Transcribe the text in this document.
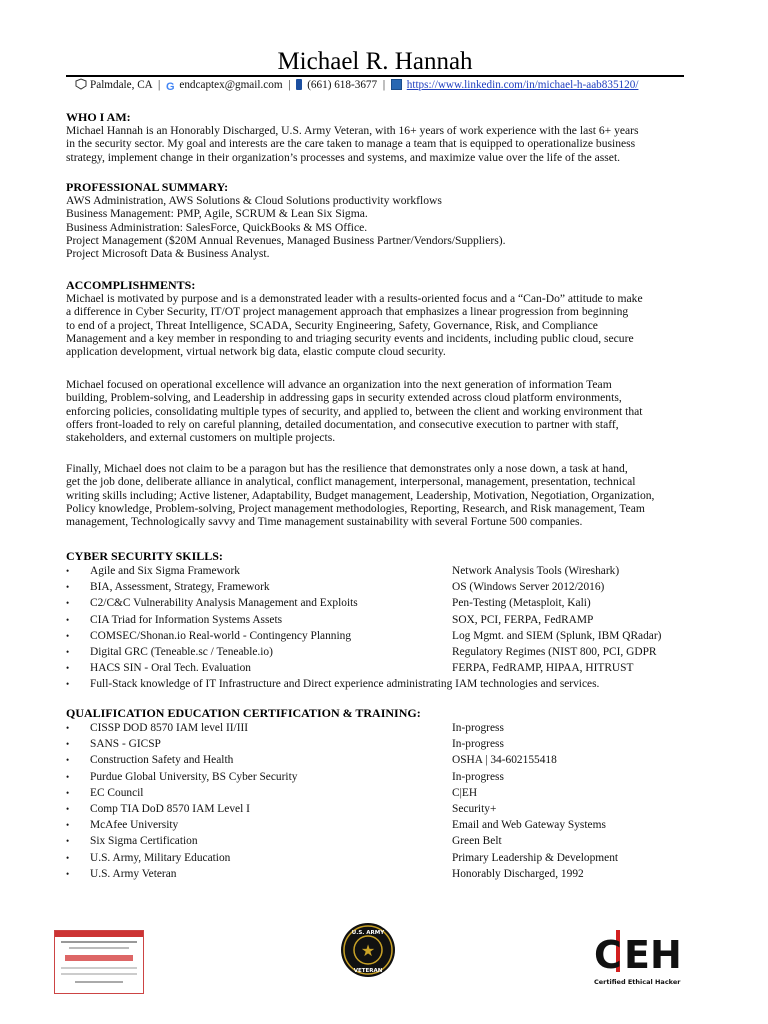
Michael R. Hannah
Palmdale, CA | G endcaptex@gmail.com | (661) 618-3677 | https://www.linkedin.com/in/michael-h-aab835120/
WHO I AM:
Michael Hannah is an Honorably Discharged, U.S. Army Veteran, with 16+ years of work experience with the last 6+ years
in the security sector. My goal and interests are the care taken to manage a team that is equipped to operationalize business
strategy, implement change in their organization’s processes and systems, and maximize value over the life of the asset.
PROFESSIONAL SUMMARY:
AWS Administration, AWS Solutions & Cloud Solutions productivity workflows
Business Management: PMP, Agile, SCRUM & Lean Six Sigma.
Business Administration: SalesForce, QuickBooks & MS Office.
Project Management ($20M Annual Revenues, Managed Business Partner/Vendors/Suppliers).
Project Microsoft Data & Business Analyst.
ACCOMPLISHMENTS:
Michael is motivated by purpose and is a demonstrated leader with a results-oriented focus and a “Can-Do” attitude to make
a difference in Cyber Security, IT/OT project management approach that emphasizes a linear progression from beginning
to end of a project, Threat Intelligence, SCADA, Security Engineering, Safety, Governance, Risk, and Compliance
Management and a key member in responding to and triaging security events and incidents, including public cloud, secure
application development, virtual network big data, elastic compute cloud security.
Michael focused on operational excellence will advance an organization into the next generation of information Team
building, Problem-solving, and Leadership in addressing gaps in security extended across cloud platform environments,
enforcing policies, consolidating multiple types of security, and applied to, between the client and working environment that
offers front-loaded to rely on careful planning, detailed documentation, and consecutive execution to partner with staff,
stakeholders, and external customers on multiple projects.
Finally, Michael does not claim to be a paragon but has the resilience that demonstrates only a nose down, a task at hand,
get the job done, deliberate alliance in analytical, conflict management, interpersonal, management, presentation, technical
writing skills including; Active listener, Adaptability, Budget management, Leadership, Motivation, Negotiation, Organization,
Policy knowledge, Problem-solving, Project management methodologies, Reporting, Research, and Risk management, Team
management, Technologically savvy and Time management sustainability with several Fortune 500 companies.
CYBER SECURITY SKILLS:
• Agile and Six Sigma Framework	Network Analysis Tools (Wireshark)
• BIA, Assessment, Strategy, Framework	OS (Windows Server 2012/2016)
• C2/C&C Vulnerability Analysis Management and Exploits	Pen-Testing (Metasploit, Kali)
• CIA Triad for Information Systems Assets	SOX, PCI, FERPA, FedRAMP
• COMSEC/Shonan.io Real-world - Contingency Planning	Log Mgmt. and SIEM (Splunk, IBM QRadar)
• Digital GRC (Teneable.sc / Teneable.io)	Regulatory Regimes (NIST 800, PCI, GDPR
• HACS SIN - Oral Tech. Evaluation	FERPA, FedRAMP, HIPAA, HITRUST
• Full-Stack knowledge of IT Infrastructure and Direct experience administrating IAM technologies and services.
QUALIFICATION EDUCATION CERTIFICATION & TRAINING:
• CISSP DOD 8570 IAM level II/III	In-progress
• SANS - GICSP	In-progress
• Construction Safety and Health	OSHA | 34-602155418
• Purdue Global University, BS Cyber Security	In-progress
• EC Council	C|EH
• Comp TIA DoD 8570 IAM Level I	Security+
• McAfee University	Email and Web Gateway Systems
• Six Sigma Certification	Green Belt
• U.S. Army, Military Education	Primary Leadership & Development
• U.S. Army Veteran	Honorably Discharged, 1992
★
U.S. ARMY
VETERAN	C EH
Certified Ethical Hacker
